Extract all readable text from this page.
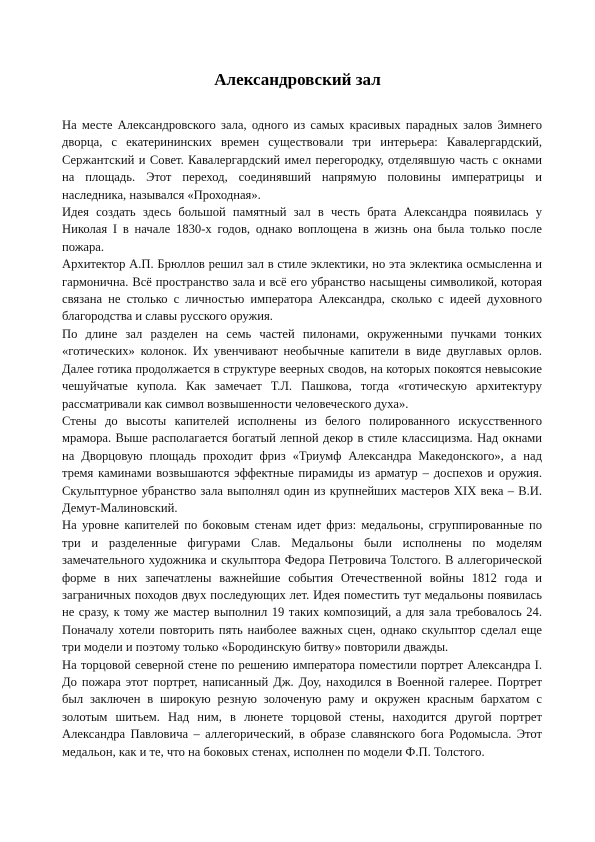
Александровский зал

На месте Александровского зала, одного из самых красивых парадных залов Зимнего дворца, с екатерининских времен существовали три интерьера: Кавалергардский, Сержантский и Совет. Кавалергардский имел перегородку, отделявшую часть с окнами на площадь. Этот переход, соединявший напрямую половины императрицы и наследника, назывался «Проходная».

Идея создать здесь большой памятный зал в честь брата Александра появилась у Николая I в начале 1830-х годов, однако воплощена в жизнь она была только после пожара.

Архитектор А.П. Брюллов решил зал в стиле эклектики, но эта эклектика осмысленна и гармонична. Всё пространство зала и всё его убранство насыщены символикой, которая связана не столько с личностью императора Александра, сколько с идеей духовного благородства и славы русского оружия.

По длине зал разделен на семь частей пилонами, окруженными пучками тонких «готических» колонок. Их увенчивают необычные капители в виде двуглавых орлов. Далее готика продолжается в структуре веерных сводов, на которых покоятся невысокие чешуйчатые купола. Как замечает Т.Л. Пашкова, тогда «готическую архитектуру рассматривали как символ возвышенности человеческого духа».

Стены до высоты капителей исполнены из белого полированного искусственного мрамора. Выше располагается богатый лепной декор в стиле классицизма. Над окнами на Дворцовую площадь проходит фриз «Триумф Александра Македонского», а над тремя каминами возвышаются эффектные пирамиды из арматур – доспехов и оружия. Скульптурное убранство зала выполнял один из крупнейших мастеров XIX века – В.И. Демут-Малиновский.

На уровне капителей по боковым стенам идет фриз: медальоны, сгруппированные по три и разделенные фигурами Слав. Медальоны были исполнены по моделям замечательного художника и скульптора Федора Петровича Толстого. В аллегорической форме в них запечатлены важнейшие события Отечественной войны 1812 года и заграничных походов двух последующих лет. Идея поместить тут медальоны появилась не сразу, к тому же мастер выполнил 19 таких композиций, а для зала требовалось 24. Поначалу хотели повторить пять наиболее важных сцен, однако скульптор сделал еще три модели и поэтому только «Бородинскую битву» повторили дважды.

На торцовой северной стене по решению императора поместили портрет Александра I. До пожара этот портрет, написанный Дж. Доу, находился в Военной галерее. Портрет был заключен в широкую резную золоченую раму и окружен красным бархатом с золотым шитьем. Над ним, в люнете торцовой стены, находится другой портрет Александра Павловича – аллегорический, в образе славянского бога Родомысла. Этот медальон, как и те, что на боковых стенах, исполнен по модели Ф.П. Толстого.
